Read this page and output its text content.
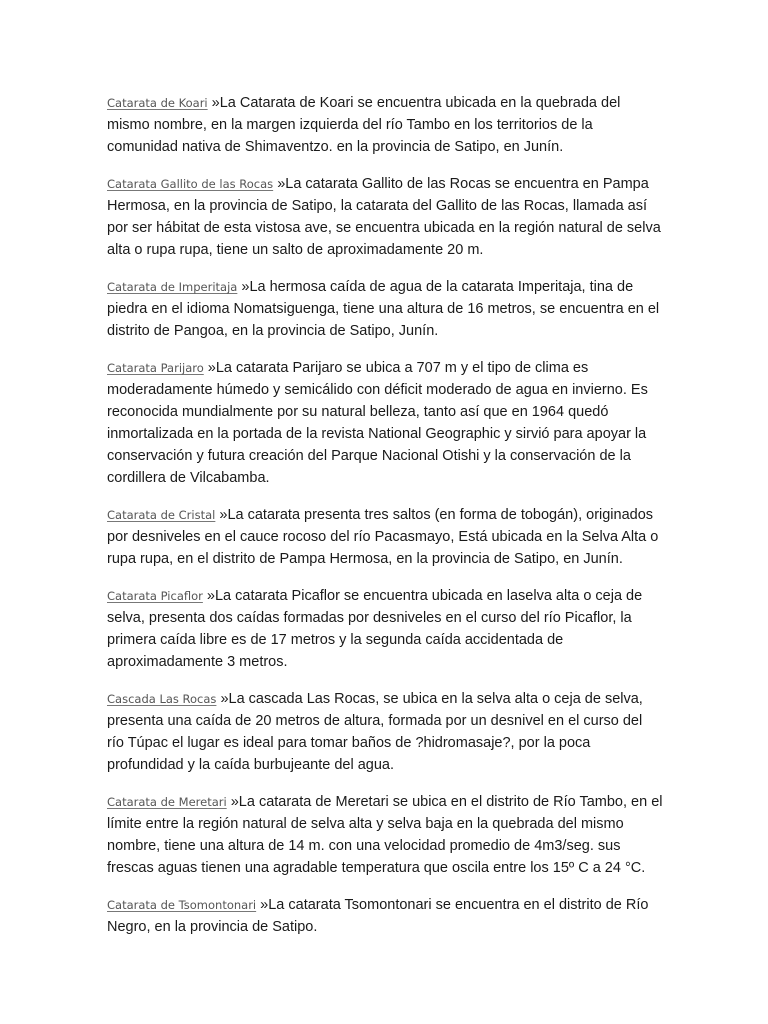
Catarata de Koari »La Catarata de Koari se encuentra ubicada en la quebrada del mismo nombre, en la margen izquierda del río Tambo en los territorios de la comunidad nativa de Shimaventzo. en la provincia de Satipo, en Junín.

Catarata Gallito de las Rocas »La catarata Gallito de las Rocas se encuentra en Pampa Hermosa, en la provincia de Satipo, la catarata del Gallito de las Rocas, llamada así por ser hábitat de esta vistosa ave, se encuentra ubicada en la región natural de selva alta o rupa rupa, tiene un salto de aproximadamente 20 m.

Catarata de Imperitaja »La hermosa caída de agua de la catarata Imperitaja, tina de piedra en el idioma Nomatsiguenga, tiene una altura de 16 metros, se encuentra en el distrito de Pangoa, en la provincia de Satipo, Junín.

Catarata Parijaro »La catarata Parijaro se ubica a 707 m y el tipo de clima es moderadamente húmedo y semicálido con déficit moderado de agua en invierno. Es reconocida mundialmente por su natural belleza, tanto así que en 1964 quedó inmortalizada en la portada de la revista National Geographic y sirvió para apoyar la conservación y futura creación del Parque Nacional Otishi y la conservación de la cordillera de Vilcabamba.

Catarata de Cristal »La catarata presenta tres saltos (en forma de tobogán), originados por desniveles en el cauce rocoso del río Pacasmayo, Está ubicada en la Selva Alta o rupa rupa, en el distrito de Pampa Hermosa, en la provincia de Satipo, en Junín.

Catarata Picaflor »La catarata Picaflor se encuentra ubicada en laselva alta o ceja de selva, presenta dos caídas formadas por desniveles en el curso del río Picaflor, la primera caída libre es de 17 metros y la segunda caída accidentada de aproximadamente 3 metros.

Cascada Las Rocas »La cascada Las Rocas, se ubica en la selva alta o ceja de selva, presenta una caída de 20 metros de altura, formada por un desnivel en el curso del río Túpac el lugar es ideal para tomar baños de ?hidromasaje?, por la poca profundidad y la caída burbujeante del agua.

Catarata de Meretari »La catarata de Meretari se ubica en el distrito de Río Tambo, en el límite entre la región natural de selva alta y selva baja en la quebrada del mismo nombre, tiene una altura de 14 m. con una velocidad promedio de 4m3/seg. sus frescas aguas tienen una agradable temperatura que oscila entre los 15º C a 24 °C.

Catarata de Tsomontonari »La catarata Tsomontonari se encuentra en el distrito de Río Negro, en la provincia de Satipo.
